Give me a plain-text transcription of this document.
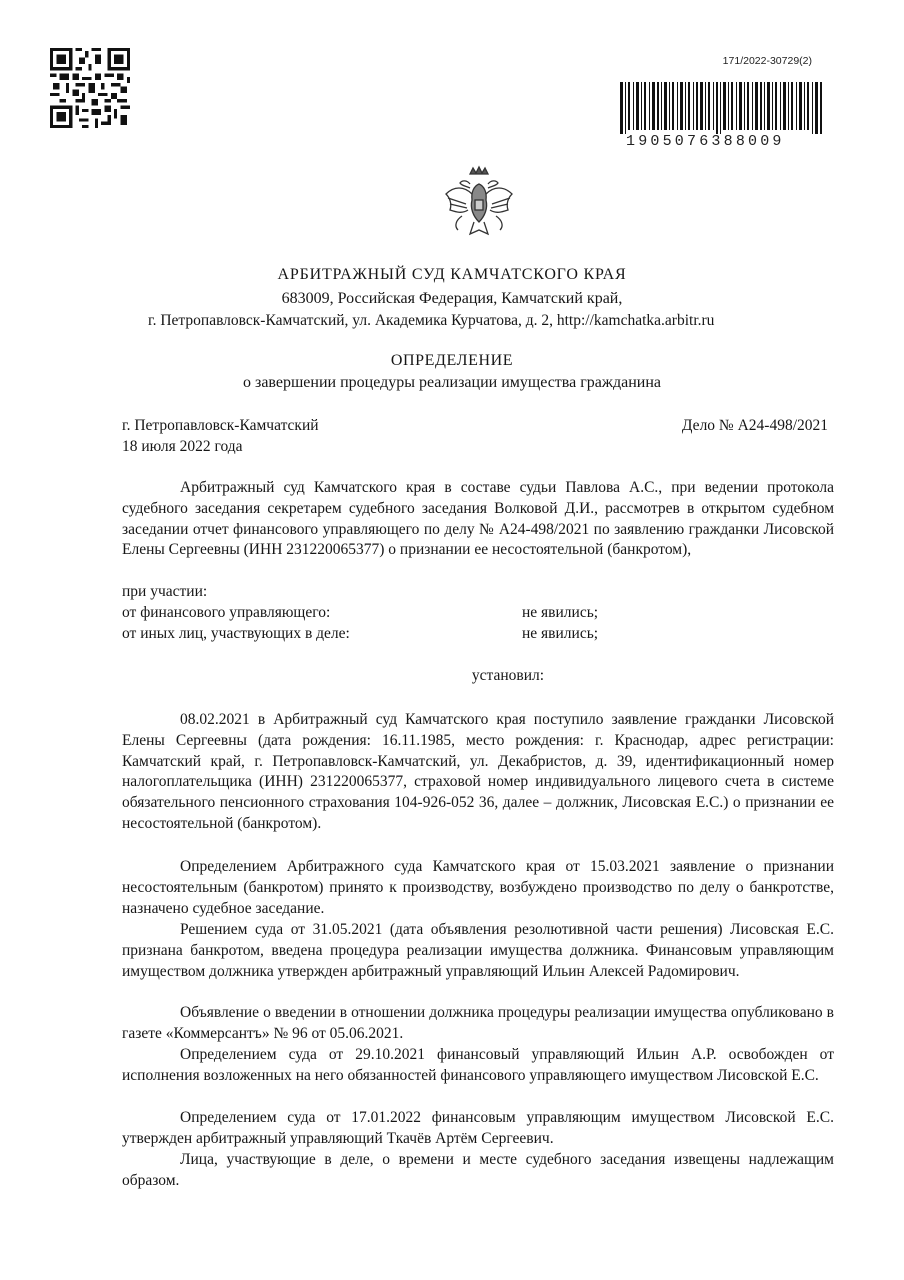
171/2022-30729(2)
1905076388009
АРБИТРАЖНЫЙ СУД КАМЧАТСКОГО КРАЯ
683009, Российская Федерация, Камчатский край,
г. Петропавловск-Камчатский, ул. Академика Курчатова, д. 2, http://kamchatka.arbitr.ru
ОПРЕДЕЛЕНИЕ
о завершении процедуры реализации имущества гражданина
г. Петропавловск-Камчатский
18 июля 2022 года
Дело № А24-498/2021

Арбитражный суд Камчатского края в составе судьи Павлова А.С., при ведении протокола судебного заседания секретарем судебного заседания Волковой Д.И., рассмотрев в открытом судебном заседании отчет финансового управляющего по делу № А24-498/2021 по заявлению гражданки Лисовской Елены Сергеевны (ИНН 231220065377) о признании ее несостоятельной (банкротом),

при участии:
от финансового управляющего:	не явились;
от иных лиц, участвующих в деле:	не явились;
установил:

08.02.2021 в Арбитражный суд Камчатского края поступило заявление гражданки Лисовской Елены Сергеевны (дата рождения: 16.11.1985, место рождения: г. Краснодар, адрес регистрации: Камчатский край, г. Петропавловск-Камчатский, ул. Декабристов, д. 39, идентификационный номер налогоплательщика (ИНН) 231220065377, страховой номер индивидуального лицевого счета в системе обязательного пенсионного страхования 104-926-052 36, далее – должник, Лисовская Е.С.) о признании ее несостоятельной (банкротом).

Определением Арбитражного суда Камчатского края от 15.03.2021 заявление о признании несостоятельным (банкротом) принято к производству, возбуждено производство по делу о банкротстве, назначено судебное заседание.

Решением суда от 31.05.2021 (дата объявления резолютивной части решения) Лисовская Е.С. признана банкротом, введена процедура реализации имущества должника. Финансовым управляющим имуществом должника утвержден арбитражный управляющий Ильин Алексей Радомирович.

Объявление о введении в отношении должника процедуры реализации имущества опубликовано в газете «Коммерсантъ» № 96 от 05.06.2021.

Определением суда от 29.10.2021 финансовый управляющий Ильин А.Р. освобожден от исполнения возложенных на него обязанностей финансового управляющего имуществом Лисовской Е.С.

Определением суда от 17.01.2022 финансовым управляющим имуществом Лисовской Е.С. утвержден арбитражный управляющий Ткачёв Артём Сергеевич.

Лица, участвующие в деле, о времени и месте судебного заседания извещены надлежащим образом.
